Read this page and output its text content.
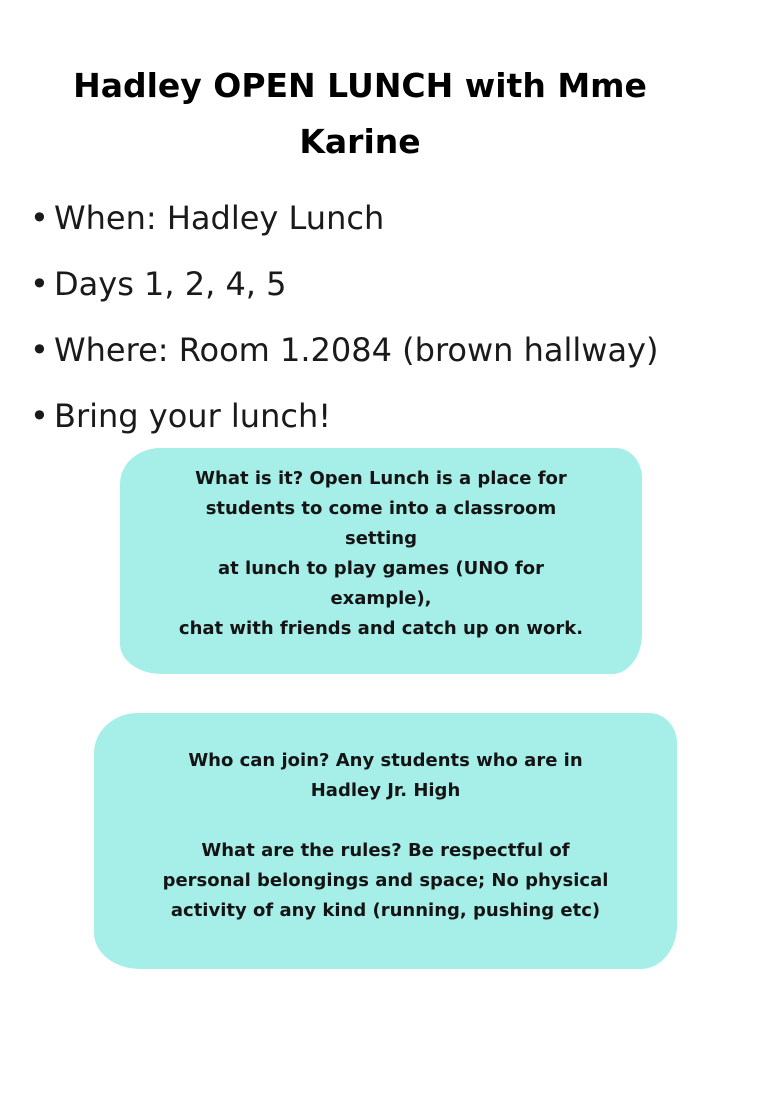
Hadley OPEN LUNCH with Mme
Karine
• When: Hadley Lunch
• Days 1, 2, 4, 5
• Where: Room 1.2084 (brown hallway)
• Bring your lunch!

What is it? Open Lunch is a place for

students to come into a classroom

setting

at lunch to play games (UNO for

example),

chat with friends and catch up on work.

Who can join? Any students who are in

Hadley Jr. High

What are the rules? Be respectful of

personal belongings and space; No physical

activity of any kind (running, pushing etc)
